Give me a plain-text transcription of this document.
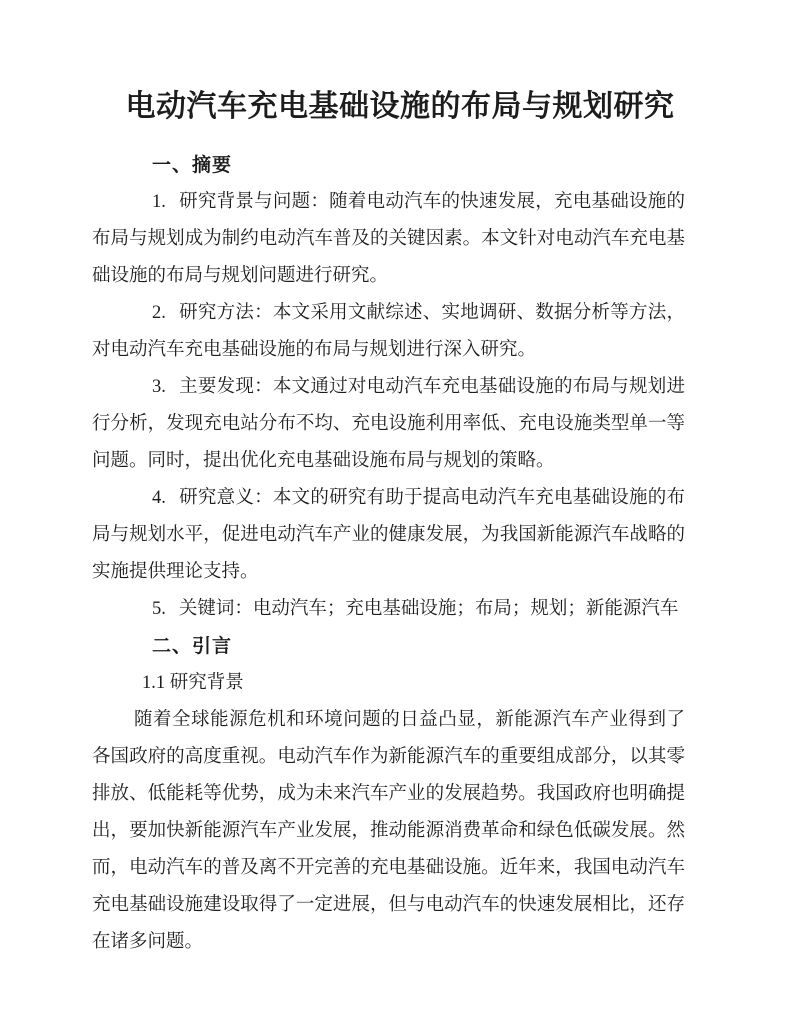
电动汽车充电基础设施的布局与规划研究
一、摘要

1. 研究背景与问题：随着电动汽车的快速发展，充电基础设施的布局与规划成为制约电动汽车普及的关键因素。本文针对电动汽车充电基础设施的布局与规划问题进行研究。

2. 研究方法：本文采用文献综述、实地调研、数据分析等方法，对电动汽车充电基础设施的布局与规划进行深入研究。

3. 主要发现：本文通过对电动汽车充电基础设施的布局与规划进行分析，发现充电站分布不均、充电设施利用率低、充电设施类型单一等问题。同时，提出优化充电基础设施布局与规划的策略。

4. 研究意义：本文的研究有助于提高电动汽车充电基础设施的布局与规划水平，促进电动汽车产业的健康发展，为我国新能源汽车战略的实施提供理论支持。

5. 关键词：电动汽车；充电基础设施；布局；规划；新能源汽车

二、引言
1.1 研究背景

随着全球能源危机和环境问题的日益凸显，新能源汽车产业得到了各国政府的高度重视。电动汽车作为新能源汽车的重要组成部分，以其零排放、低能耗等优势，成为未来汽车产业的发展趋势。我国政府也明确提出，要加快新能源汽车产业发展，推动能源消费革命和绿色低碳发展。然而，电动汽车的普及离不开完善的充电基础设施。近年来，我国电动汽车充电基础设施建设取得了一定进展，但与电动汽车的快速发展相比，还存在诸多问题。
